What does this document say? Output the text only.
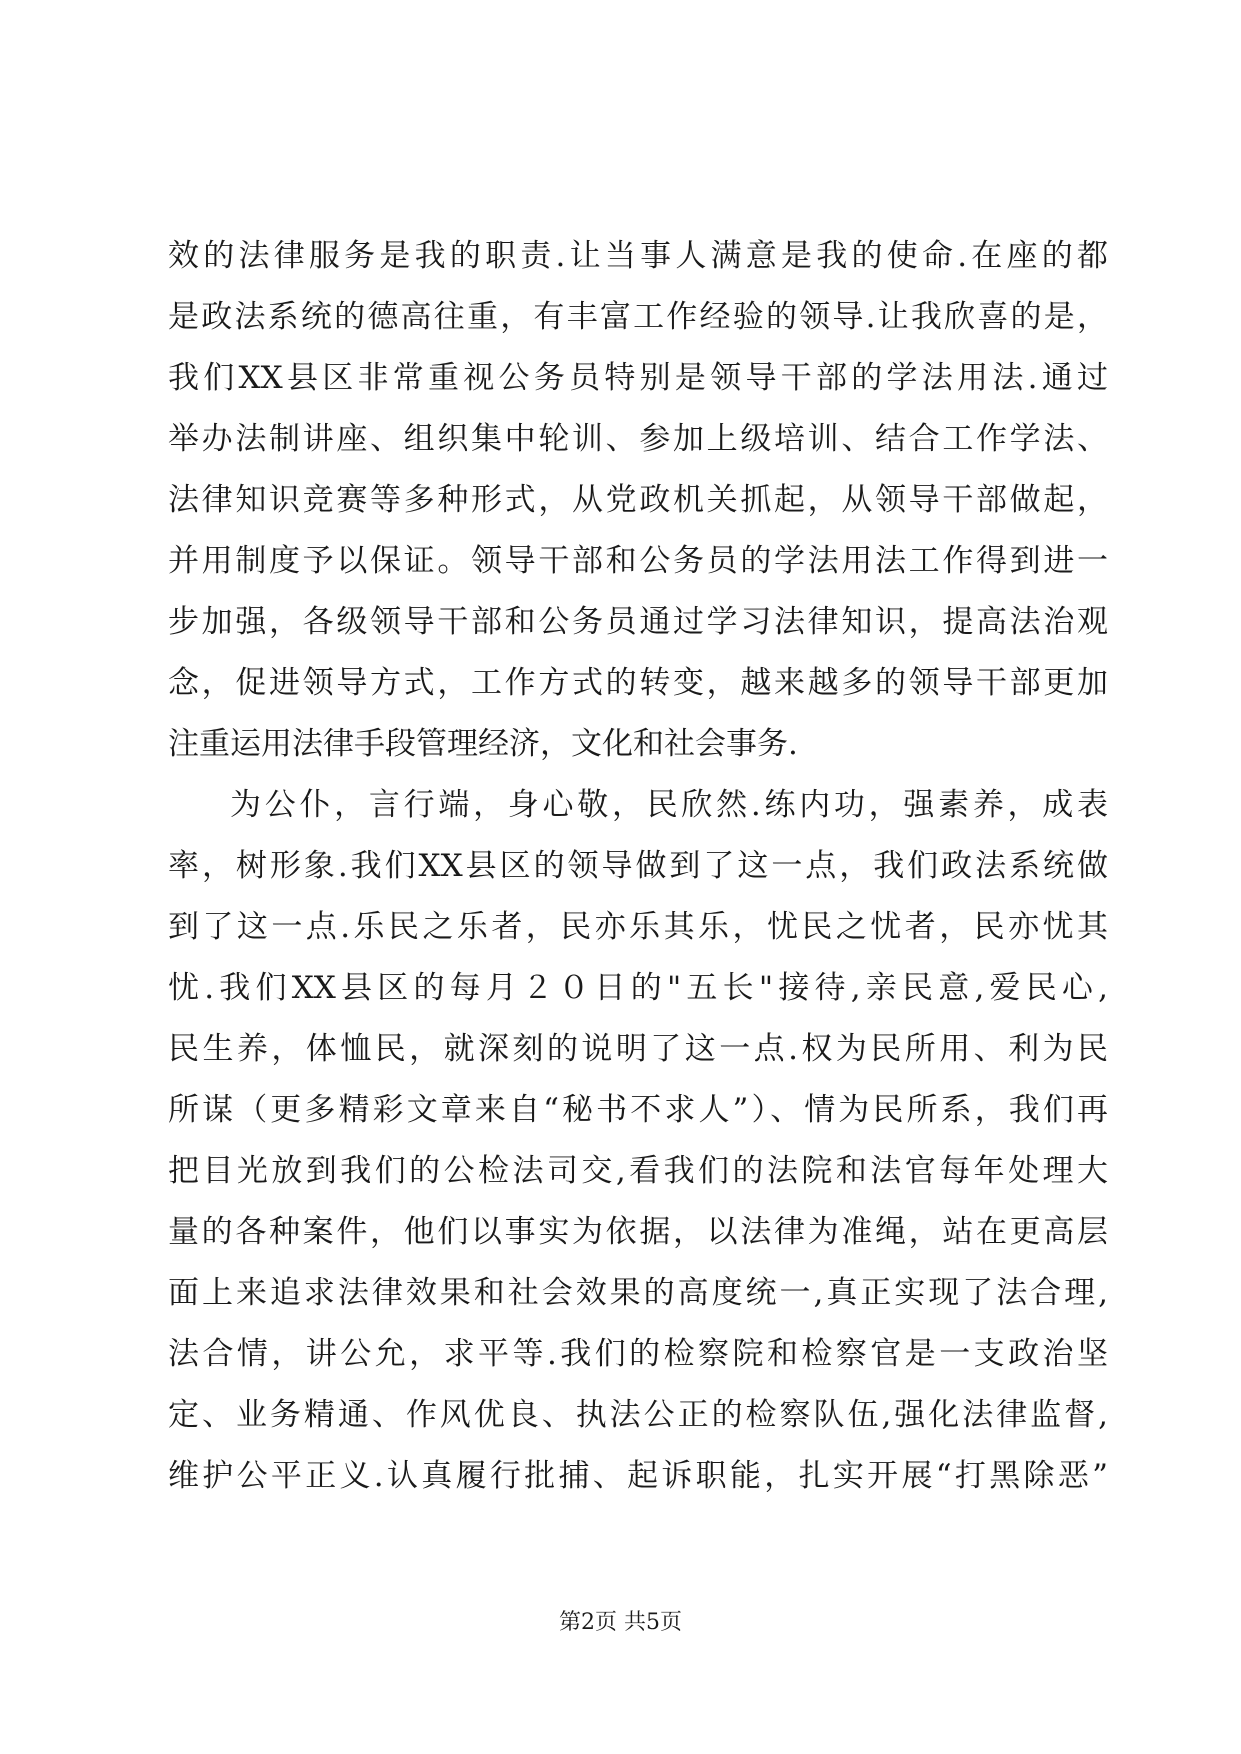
效的法律服务是我的职责.让当事人满意是我的使命.在座的都
是政法系统的德高往重，有丰富工作经验的领导.让我欣喜的是，
我们XX县区非常重视公务员特别是领导干部的学法用法.通过
举办法制讲座、组织集中轮训、参加上级培训、结合工作学法、
法律知识竞赛等多种形式，从党政机关抓起，从领导干部做起，
并用制度予以保证。领导干部和公务员的学法用法工作得到进一
步加强，各级领导干部和公务员通过学习法律知识，提高法治观
念，促进领导方式，工作方式的转变，越来越多的领导干部更加
注重运用法律手段管理经济，文化和社会事务.
为公仆，言行端，身心敬，民欣然.练内功，强素养，成表
率，树形象.我们XX县区的领导做到了这一点，我们政法系统做
到了这一点.乐民之乐者，民亦乐其乐，忧民之忧者，民亦忧其
忧.我们XX县区的每月２０日的"五长"接待,亲民意,爱民心,
民生养，体恤民，就深刻的说明了这一点.权为民所用、利为民
所谋（更多精彩文章来自“秘书不求人”）、情为民所系，我们再
把目光放到我们的公检法司交,看我们的法院和法官每年处理大
量的各种案件，他们以事实为依据，以法律为准绳，站在更高层
面上来追求法律效果和社会效果的高度统一,真正实现了法合理,
法合情，讲公允，求平等.我们的检察院和检察官是一支政治坚
定、业务精通、作风优良、执法公正的检察队伍,强化法律监督,
维护公平正义.认真履行批捕、起诉职能，扎实开展“打黑除恶”
第2页 共5页
